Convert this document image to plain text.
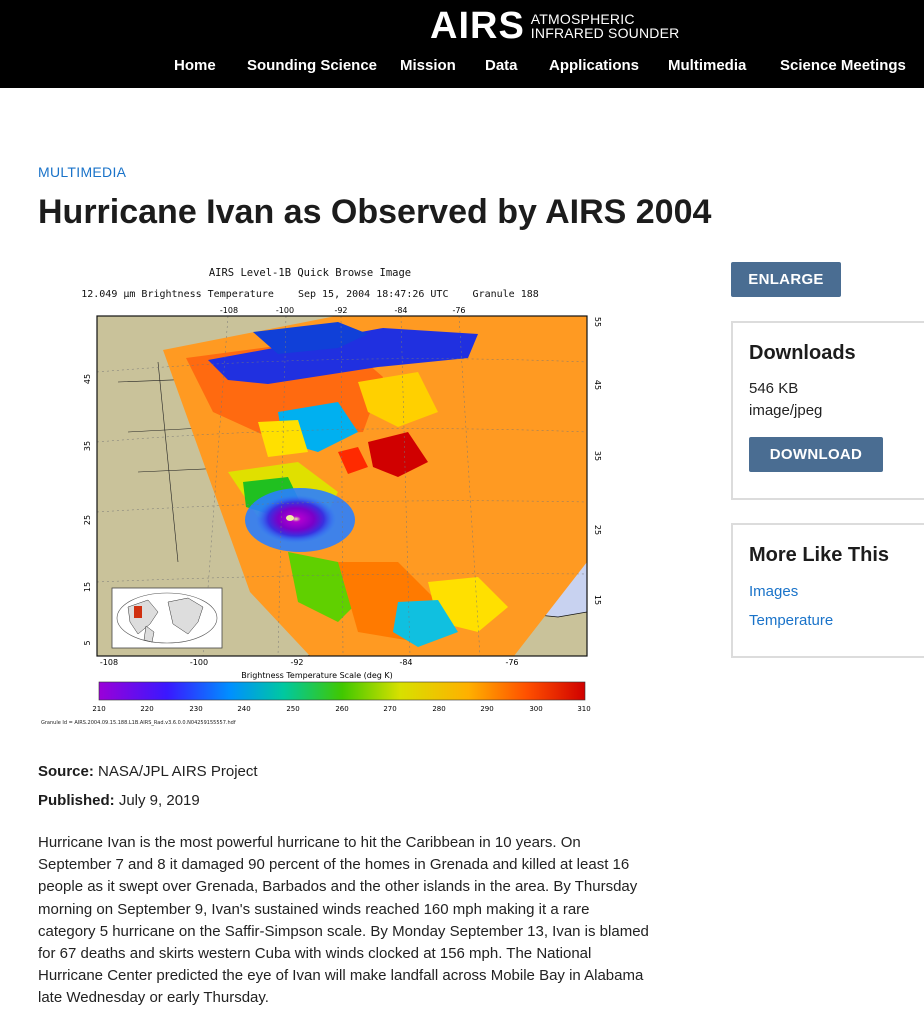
AIRS ATMOSPHERIC
INFRARED SOUNDER
Home Sounding Science Mission Data Applications Multimedia Science Meetings
MULTIMEDIA
Hurricane Ivan as Observed by AIRS 2004
AIRS Level-1B Quick Browse Image
12.049 μm Brightness Temperature    Sep 15, 2004 18:47:26 UTC    Granule 188
-108	-100	-92	-84	-76
45
35
25
15
5
55
45
35
25
15
-108	-100	-92	-84	-76
Brightness Temperature Scale (deg K)
210	220	230	240	250	260	270	280	290	300	310
Granule Id = AIRS.2004.09.15.188.L1B.AIRS_Rad.v3.6.0.0.N04259155557.hdf
ENLARGE
Downloads
546 KB
image/jpeg
DOWNLOAD
More Like This
Images
Temperature
Source: NASA/JPL AIRS Project
Published: July 9, 2019

Hurricane Ivan is the most powerful hurricane to hit the Caribbean in 10 years. On September 7 and 8 it damaged 90 percent of the homes in Grenada and killed at least 16 people as it swept over Grenada, Barbados and the other islands in the area. By Thursday morning on September 9, Ivan's sustained winds reached 160 mph making it a rare category 5 hurricane on the Saffir-Simpson scale. By Monday September 13, Ivan is blamed for 67 deaths and skirts western Cuba with winds clocked at 156 mph. The National Hurricane Center predicted the eye of Ivan will make landfall across Mobile Bay in Alabama late Wednesday or early Thursday.
